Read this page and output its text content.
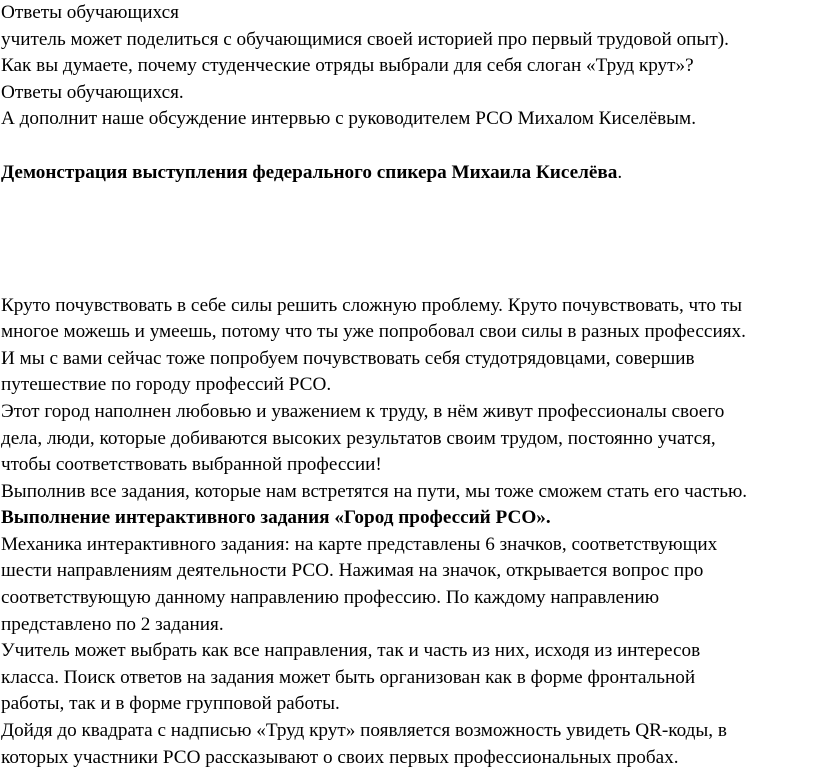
Ответы обучающихся
учитель может поделиться с обучающимися своей историей про первый трудовой опыт).
Как вы думаете, почему студенческие отряды выбрали для себя слоган «Труд крут»?
Ответы обучающихся.
А дополнит наше обсуждение интервью с руководителем РСО Михалом Киселёвым.
Демонстрация выступления федерального спикера Михаила Киселёва.
Круто почувствовать в себе силы решить сложную проблему. Круто почувствовать, что ты
многое можешь и умеешь, потому что ты уже попробовал свои силы в разных профессиях.
И мы с вами сейчас тоже попробуем почувствовать себя студотрядовцами, совершив
путешествие по городу профессий РСО.
Этот город наполнен любовью и уважением к труду, в нём живут профессионалы своего
дела, люди, которые добиваются высоких результатов своим трудом, постоянно учатся,
чтобы соответствовать выбранной профессии!
Выполнив все задания, которые нам встретятся на пути, мы тоже сможем стать его частью.
Выполнение интерактивного задания «Город профессий РСО».
Механика интерактивного задания: на карте представлены 6 значков, соответствующих
шести направлениям деятельности РСО. Нажимая на значок, открывается вопрос про
соответствующую данному направлению профессию. По каждому направлению
представлено по 2 задания.
Учитель может выбрать как все направления, так и часть из них, исходя из интересов
класса. Поиск ответов на задания может быть организован как в форме фронтальной
работы, так и в форме групповой работы.
Дойдя до квадрата с надписью «Труд крут» появляется возможность увидеть QR-коды, в
которых участники РСО рассказывают о своих первых профессиональных пробах.
